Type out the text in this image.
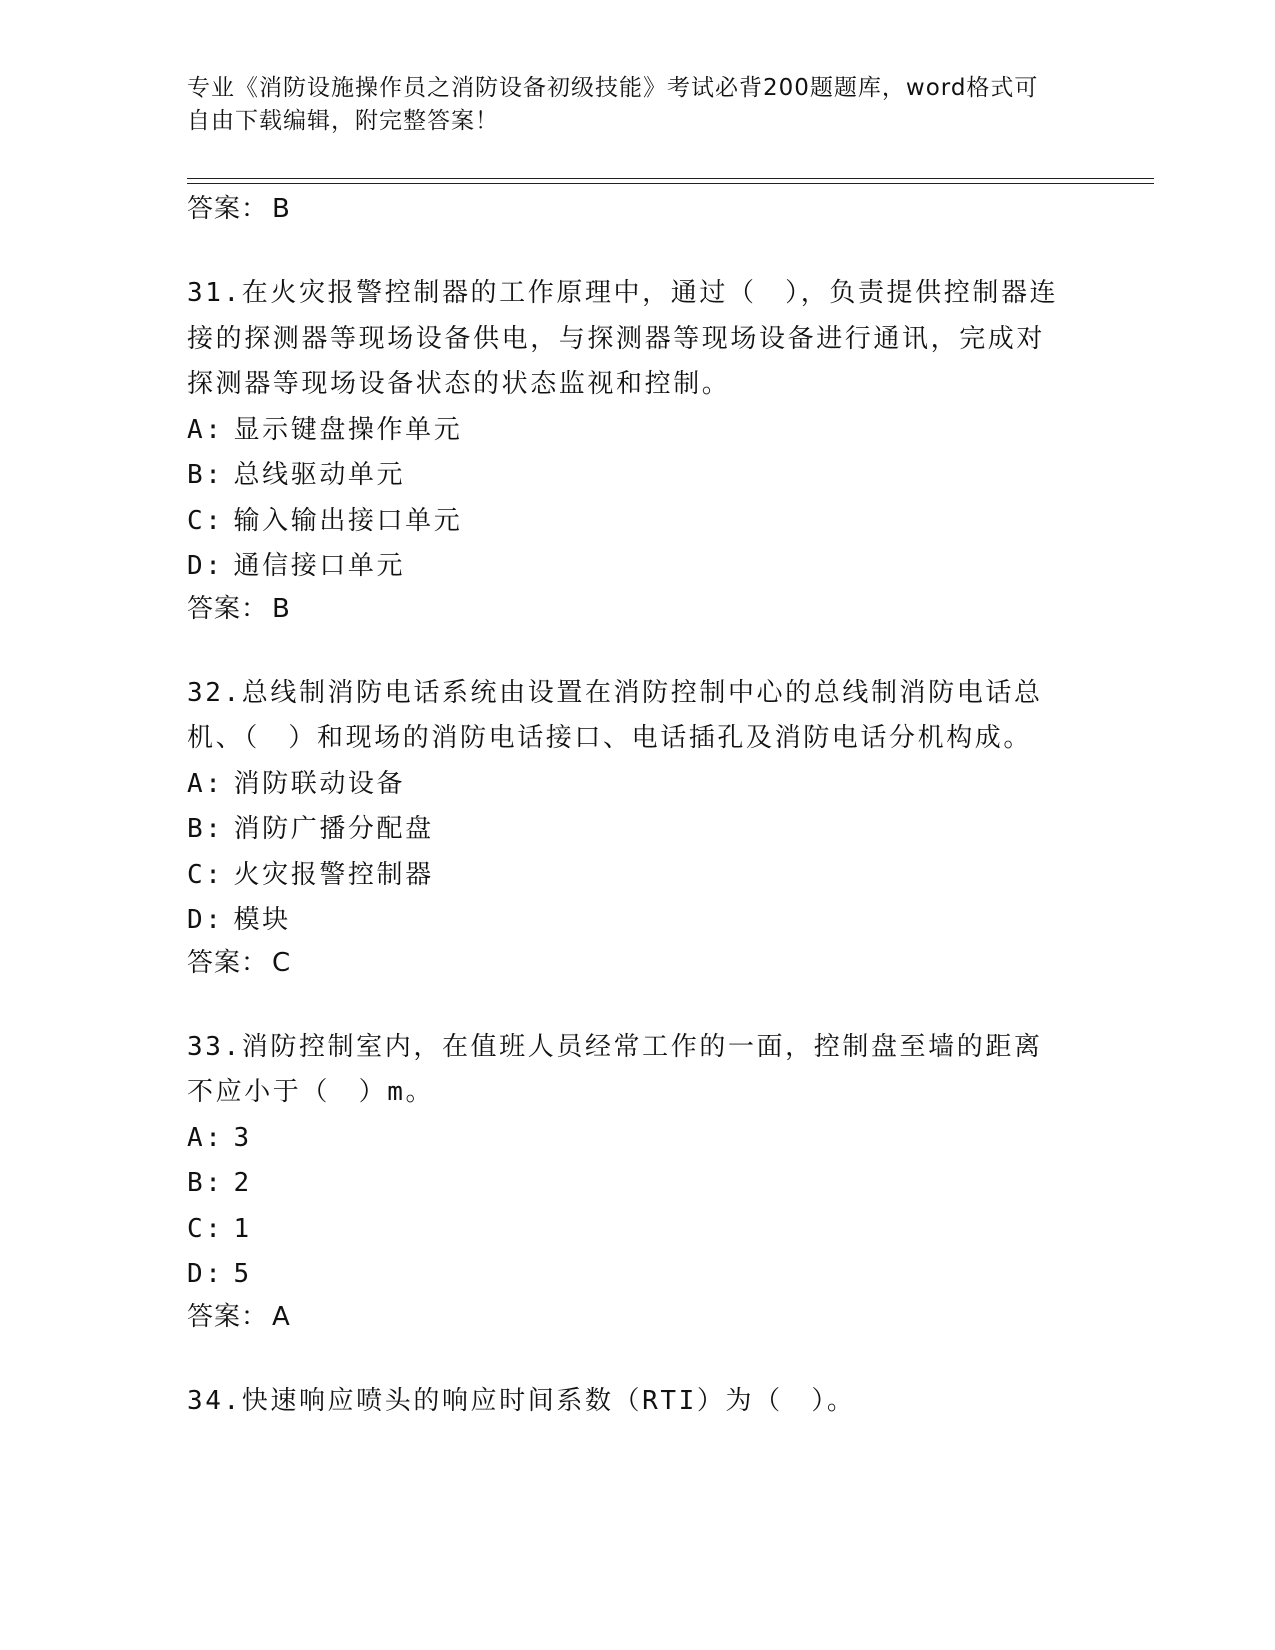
专业《消防设施操作员之消防设备初级技能》考试必背200题题库，word格式可
自由下载编辑，附完整答案！
答案： B
31.在火灾报警控制器的工作原理中，通过（　），负责提供控制器连接的探测器等现场设备供电，与探测器等现场设备进行通讯，完成对探测器等现场设备状态的状态监视和控制。
A: 显示键盘操作单元
B: 总线驱动单元
C: 输入输出接口单元
D: 通信接口单元
答案： B
32.总线制消防电话系统由设置在消防控制中心的总线制消防电话总机、（　）和现场的消防电话接口、电话插孔及消防电话分机构成。
A: 消防联动设备
B: 消防广播分配盘
C: 火灾报警控制器
D: 模块
答案： C
33.消防控制室内，在值班人员经常工作的一面，控制盘至墙的距离不应小于（　）m。
A: 3
B: 2
C: 1
D: 5
答案： A
34.快速响应喷头的响应时间系数（RTI）为（　）。
